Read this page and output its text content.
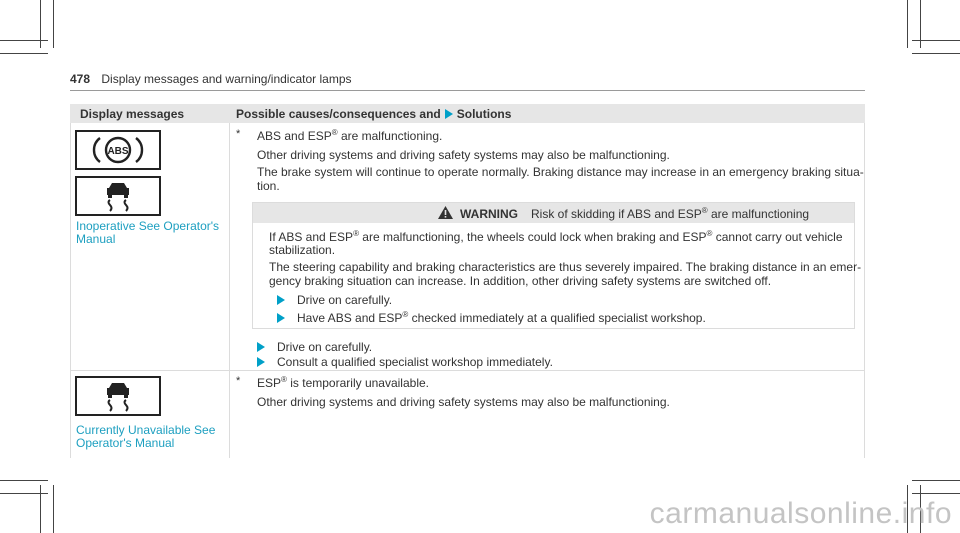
478 Display messages and warning/indicator lamps
Display messages	Possible causes/consequences and Solutions
ABS
Inoperative See Operator's
Manual
* ABS and ESP® are malfunctioning.
Other driving systems and driving safety systems may also be malfunctioning.
The brake system will continue to operate normally. Braking distance may increase in an emergency braking situa-
tion.
WARNING Risk of skidding if ABS and ESP® are malfunctioning
If ABS and ESP® are malfunctioning, the wheels could lock when braking and ESP® cannot carry out vehicle
stabilization.
The steering capability and braking characteristics are thus severely impaired. The braking distance in an emer-
gency braking situation can increase. In addition, other driving safety systems are switched off.
Drive on carefully.
Have ABS and ESP® checked immediately at a qualified specialist workshop.
Drive on carefully.
Consult a qualified specialist workshop immediately.
Currently Unavailable See
Operator's Manual
* ESP® is temporarily unavailable.
Other driving systems and driving safety systems may also be malfunctioning.
carmanualsonline.info
